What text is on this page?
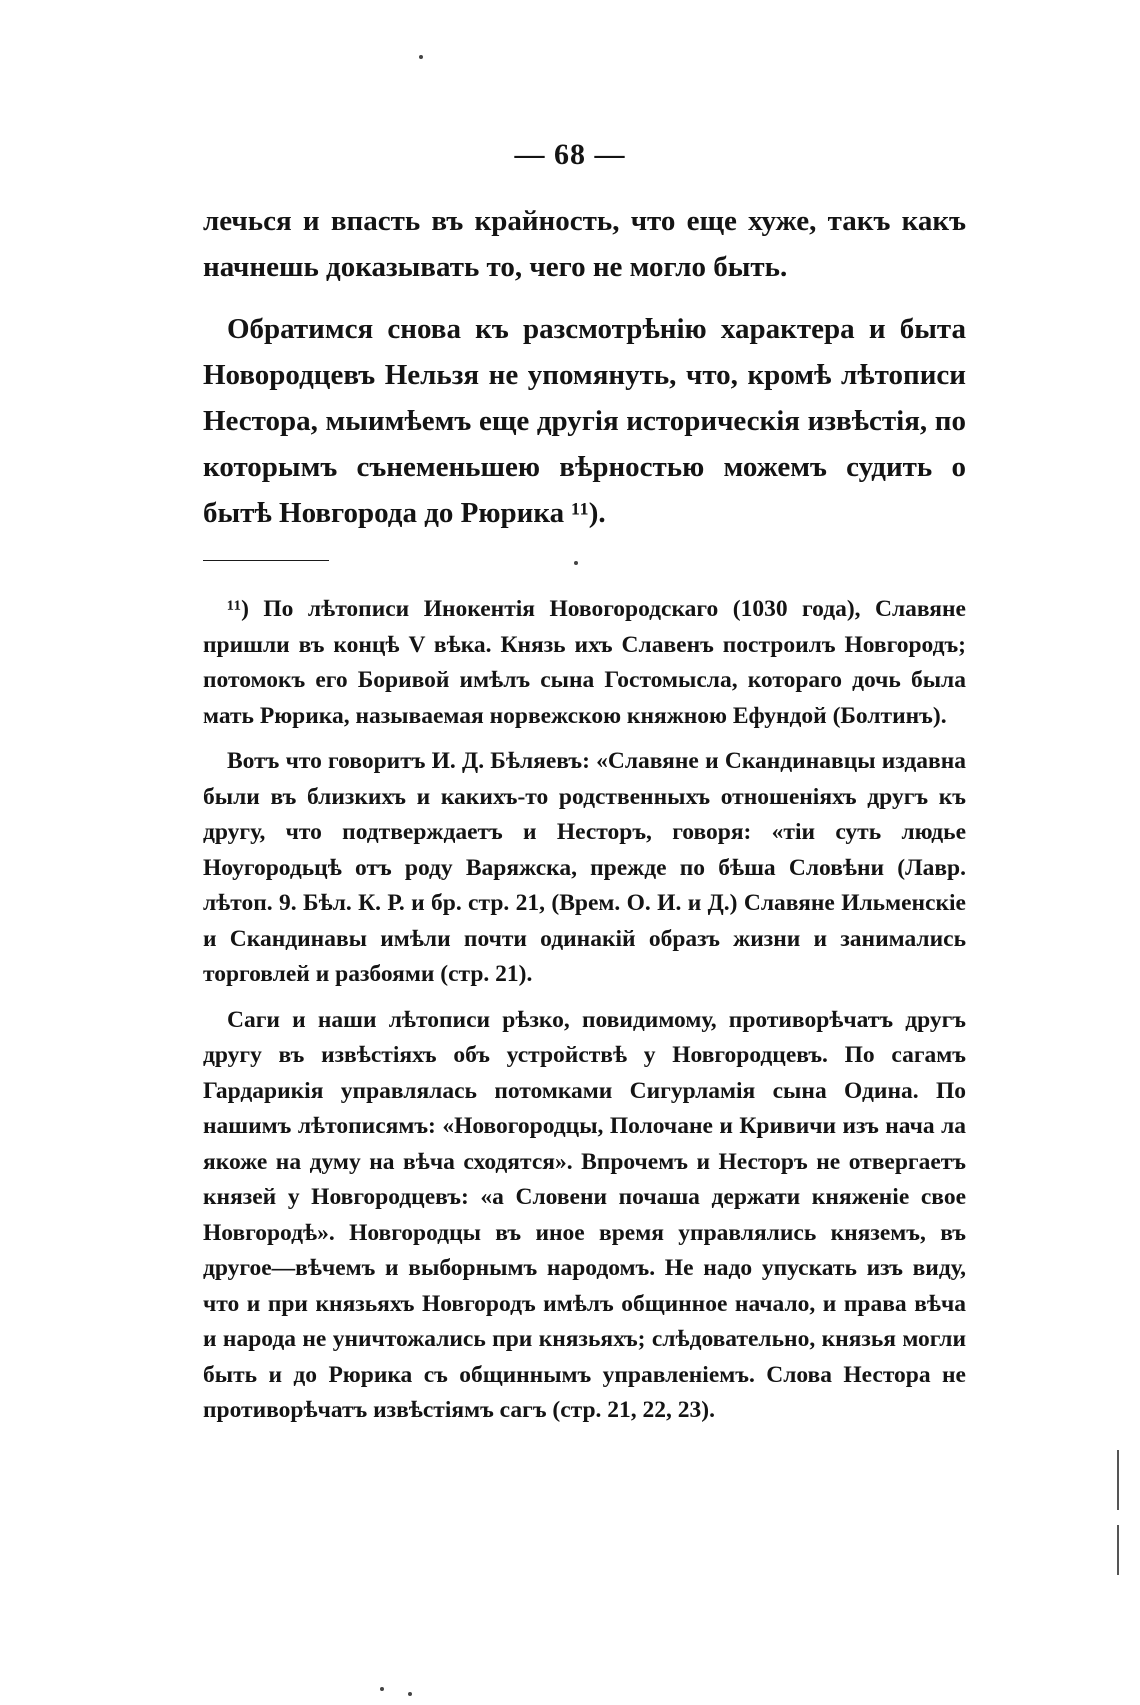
— 68 —

лечься и впасть въ крайность, что еще хуже, такъ какъ начнешь доказывать то, чего не могло быть.

Обратимся снова къ разсмотрѣнію характера и быта Новородцевъ Нельзя не упомянуть, что, кромѣ лѣтописи Нестора, мыимѣемъ еще другія историческія извѣстія, по которымъ сънеменьшею вѣрностью можемъ судить о бытѣ Новгорода до Рюрика ¹¹).

¹¹) По лѣтописи Инокентія Новогородскаго (1030 года), Славяне пришли въ концѣ V вѣка. Князь ихъ Славенъ построилъ Новгородъ; потомокъ его Боривой имѣлъ сына Гостомысла, котораго дочь была мать Рюрика, называемая норвежскою княжною Ефундой (Болтинъ).

Вотъ что говоритъ И. Д. Бѣляевъ: «Славяне и Скандинавцы издавна были въ близкихъ и какихъ-то родственныхъ отношеніяхъ другъ къ другу, что подтверждаетъ и Несторъ, говоря: «тіи суть людье Ноугородьцѣ отъ роду Варяжска, прежде по бѣша Словѣни (Лавр. лѣтоп. 9. Бѣл. К. Р. и бр. стр. 21, (Врем. О. И. и Д.) Славяне Ильменскіе и Скандинавы имѣли почти одинакій образъ жизни и занимались торговлей и разбоями (стр. 21).

Саги и наши лѣтописи рѣзко, повидимому, противорѣчатъ другъ другу въ извѣстіяхъ объ устройствѣ у Новгородцевъ. По сагамъ Гардарикія управлялась потомками Сигурламія сына Одина. По нашимъ лѣтописямъ: «Новогородцы, Полочане и Кривичи изъ нача ла якоже на думу на вѣча сходятся». Впрочемъ и Несторъ не отвергаетъ князей у Новгородцевъ: «а Словени почаша держати княженіе свое Новгородѣ». Новгородцы въ иное время управлялись княземъ, въ другое—вѣчемъ и выборнымъ народомъ. Не надо упускать изъ виду, что и при князьяхъ Новгородъ имѣлъ общинное начало, и права вѣча и народа не уничтожались при князьяхъ; слѣдовательно, князья могли быть и до Рюрика съ общиннымъ управленіемъ. Слова Нестора не противорѣчатъ извѣстіямъ сагъ (стр. 21, 22, 23).
